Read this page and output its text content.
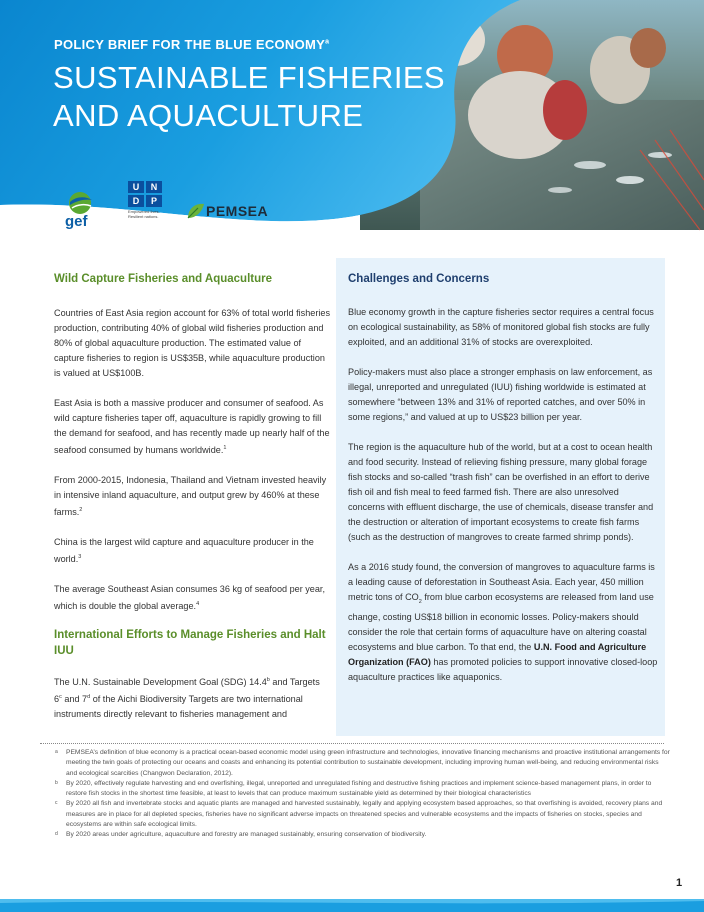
POLICY BRIEF FOR THE BLUE ECONOMY$^a$
SUSTAINABLE FISHERIES
AND AQUACULTURE
gef
U	N
D	P
Empowered lives. Resilient nations.	PEMSEA
Wild Capture Fisheries and Aquaculture

Countries of East Asia region account for 63% of total world fisheries production, contributing 40% of global wild fisheries production and 80% of global aquaculture production. The estimated value of capture fisheries to region is US$35B, while aquaculture production is valued at US$100B.

East Asia is both a massive producer and consumer of seafood. As wild capture fisheries taper off, aquaculture is rapidly growing to fill the demand for seafood, and has recently made up nearly half of the seafood consumed by humans worldwide.$^1$

From 2000-2015, Indonesia, Thailand and Vietnam invested heavily in intensive inland aquaculture, and output grew by 460% at these farms.$^2$

China is the largest wild capture and aquaculture producer in the world.$^3$

The average Southeast Asian consumes 36 kg of seafood per year, which is double the global average.$^4$

International Efforts to Manage Fisheries and Halt IUU

The U.N. Sustainable Development Goal (SDG) 14.4$^b$ and Targets 6$^c$ and 7$^d$ of the Aichi Biodiversity Targets are two international instruments directly relevant to fisheries management and

Challenges and Concerns

Blue economy growth in the capture fisheries sector requires a central focus on ecological sustainability, as 58% of monitored global fish stocks are fully exploited, and an additional 31% of stocks are overexploited.

Policy-makers must also place a stronger emphasis on law enforcement, as illegal, unreported and unregulated (IUU) fishing worldwide is estimated at somewhere “between 13% and 31% of reported catches, and over 50% in some regions,” and valued at up to US$23 billion per year.

The region is the aquaculture hub of the world, but at a cost to ocean health and food security. Instead of relieving fishing pressure, many global forage fish stocks and so-called “trash fish” can be overfished in an effort to derive fish oil and fish meal to feed farmed fish. There are also unresolved concerns with effluent discharge, the use of chemicals, disease transfer and the destruction or alteration of important ecosystems to create fish farms (such as the destruction of mangroves to create farmed shrimp ponds).

As a 2016 study found, the conversion of mangroves to aquaculture farms is a leading cause of deforestation in Southeast Asia. Each year, 450 million metric tons of $CO_2$ from blue carbon ecosystems are released from land use change, costing US$18 billion in economic losses. Policy-makers should consider the role that certain forms of aquaculture have on altering coastal ecosystems and blue carbon. To that end, the U.N. Food and Agriculture Organization (FAO) has promoted policies to support innovative closed-loop aquaculture practices like aquaponics.

a PEMSEA’s definition of blue economy is a practical ocean-based economic model using green infrastructure and technologies, innovative financing mechanisms and proactive institutional arrangements for meeting the twin goals of protecting our oceans and coasts and enhancing its potential contribution to sustainable development, including improving human well-being, and reducing environmental risks and ecological scarcities (Changwon Declaration, 2012).
b By 2020, effectively regulate harvesting and end overfishing, illegal, unreported and unregulated fishing and destructive fishing practices and implement science-based management plans, in order to restore fish stocks in the shortest time feasible, at least to levels that can produce maximum sustainable yield as determined by their biological characteristics
c By 2020 all fish and invertebrate stocks and aquatic plants are managed and harvested sustainably, legally and applying ecosystem based approaches, so that overfishing is avoided, recovery plans and measures are in place for all depleted species, fisheries have no significant adverse impacts on threatened species and vulnerable ecosystems and the impacts of fisheries on stocks, species and ecosystems are within safe ecological limits.
d By 2020 areas under agriculture, aquaculture and forestry are managed sustainably, ensuring conservation of biodiversity.
1
